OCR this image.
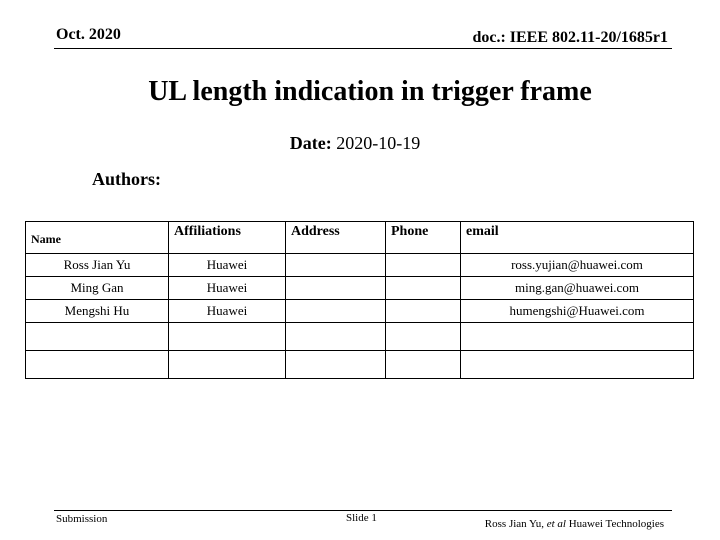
Oct. 2020	doc.: IEEE 802.11-20/1685r1
UL length indication in trigger frame
Date: 2020-10-19
Authors:
Name	Affiliations	Address	Phone	email
Ross Jian Yu	Huawei			ross.yujian@huawei.com
Ming Gan	Huawei			ming.gan@huawei.com
Mengshi Hu	Huawei			humengshi@Huawei.com

Submission	Slide 1	Ross Jian Yu, et al Huawei Technologies
